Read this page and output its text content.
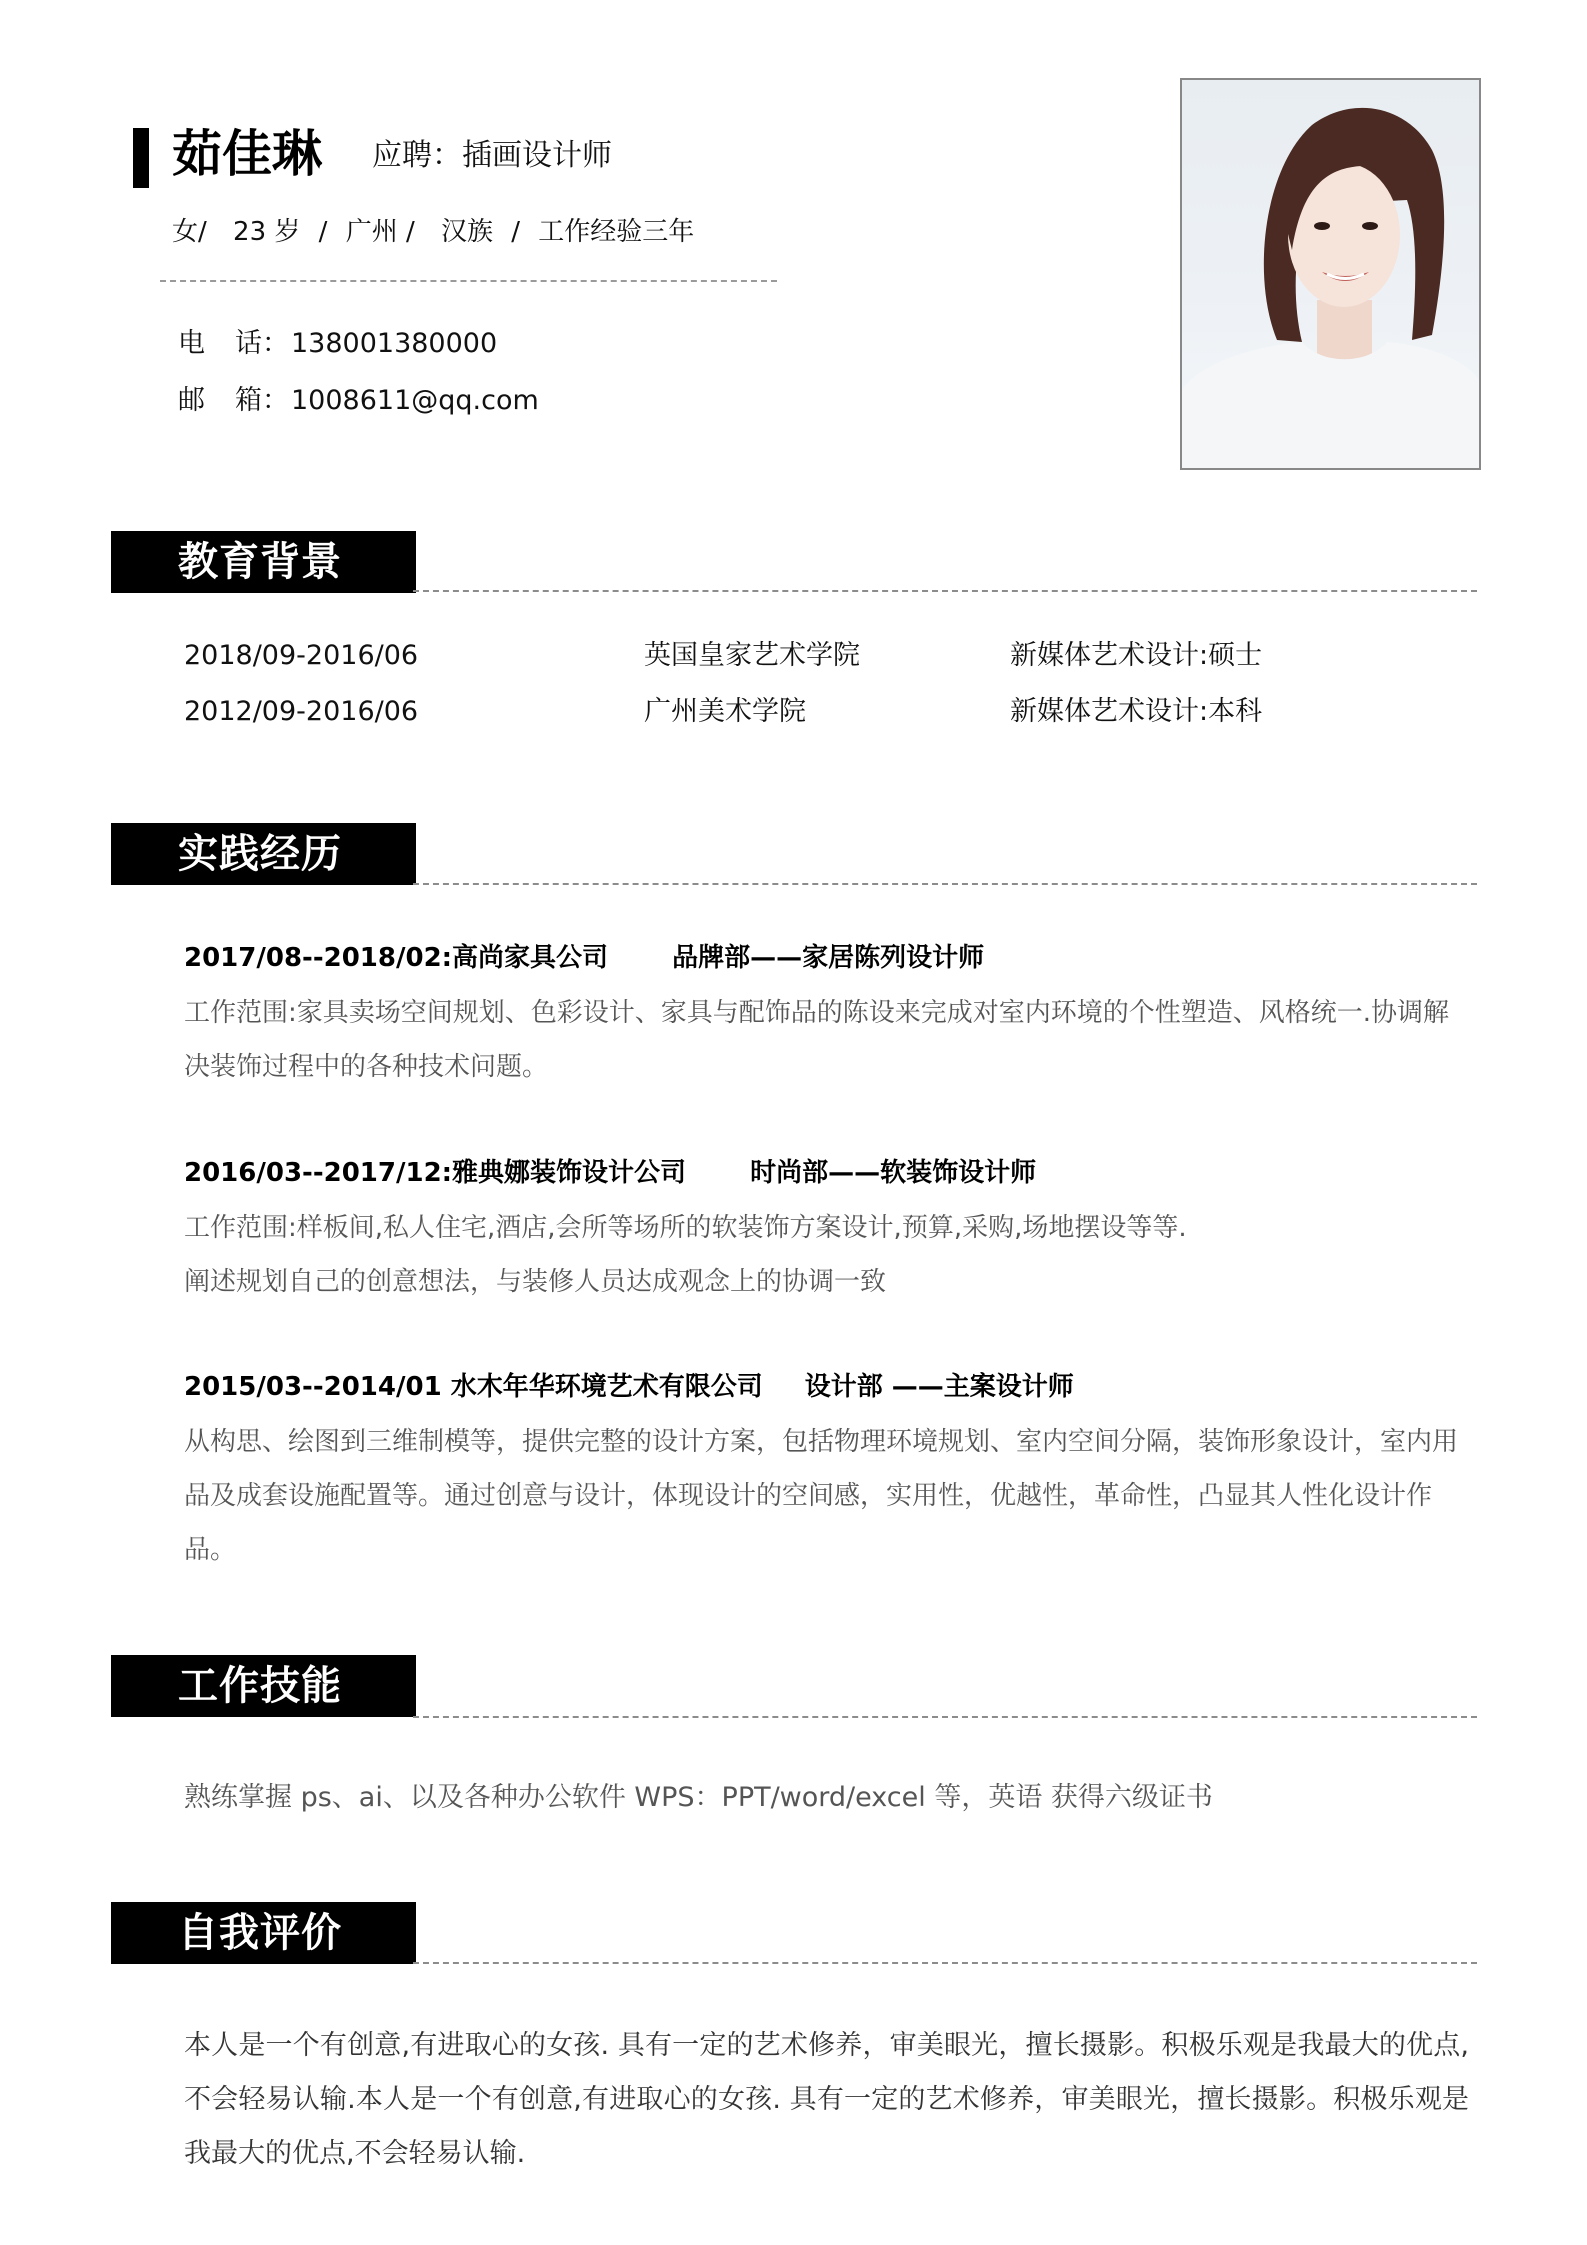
茹佳琳 应聘：插画设计师
女/ 23 岁 / 广州 / 汉族 / 工作经验三年
电 话：138001380000
邮 箱：1008611@qq.com
教育背景
2018/09-2016/06	英国皇家艺术学院	新媒体艺术设计:硕士
2012/09-2016/06	广州美术学院	新媒体艺术设计:本科
实践经历
2017/08--2018/02:高尚家具公司 品牌部——家居陈列设计师
工作范围:家具卖场空间规划、色彩设计、家具与配饰品的陈设来完成对室内环境的个性塑造、风格统一.协调解决装饰过程中的各种技术问题。
2016/03--2017/12:雅典娜装饰设计公司 时尚部——软装饰设计师
工作范围:样板间,私人住宅,酒店,会所等场所的软装饰方案设计,预算,采购,场地摆设等等.
阐述规划自己的创意想法，与装修人员达成观念上的协调一致
2015/03--2014/01 水木年华环境艺术有限公司 设计部 ——主案设计师
从构思、绘图到三维制模等，提供完整的设计方案，包括物理环境规划、室内空间分隔，装饰形象设计，室内用品及成套设施配置等。通过创意与设计，体现设计的空间感，实用性，优越性，革命性，凸显其人性化设计作品。
工作技能
熟练掌握 ps、ai、以及各种办公软件 WPS：PPT/word/excel 等，英语 获得六级证书
自我评价
本人是一个有创意,有进取心的女孩. 具有一定的艺术修养，审美眼光，擅长摄影。积极乐观是我最大的优点,不会轻易认输.本人是一个有创意,有进取心的女孩. 具有一定的艺术修养，审美眼光，擅长摄影。积极乐观是我最大的优点,不会轻易认输.
